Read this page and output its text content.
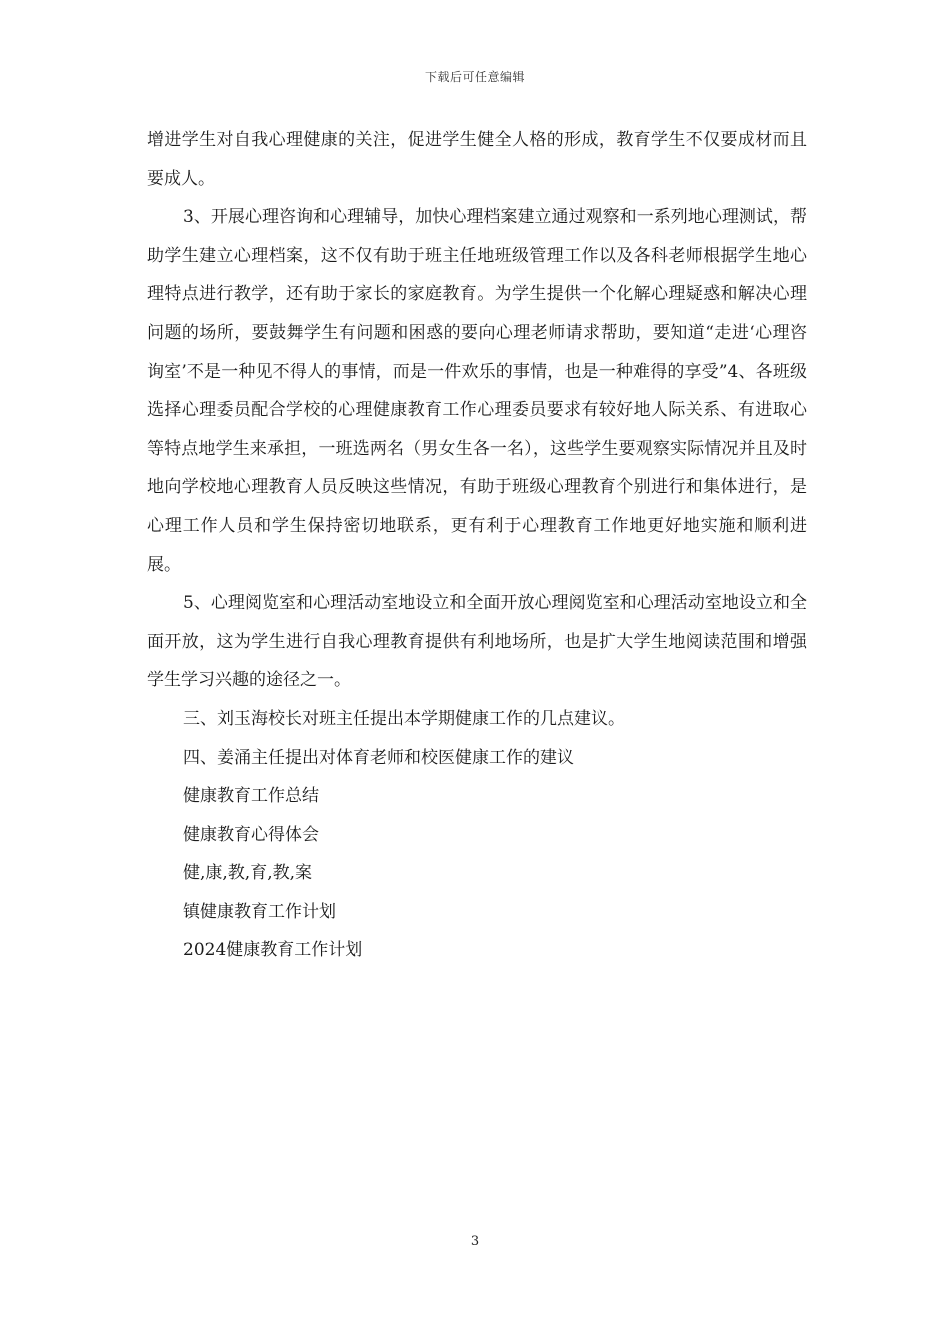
下载后可任意编辑

增进学生对自我心理健康的关注，促进学生健全人格的形成，教育学生不仅要成材而且要成人。

3、开展心理咨询和心理辅导，加快心理档案建立通过观察和一系列地心理测试，帮助学生建立心理档案，这不仅有助于班主任地班级管理工作以及各科老师根据学生地心理特点进行教学，还有助于家长的家庭教育。为学生提供一个化解心理疑惑和解决心理问题的场所，要鼓舞学生有问题和困惑的要向心理老师请求帮助，要知道“走进‘心理咨询室’不是一种见不得人的事情，而是一件欢乐的事情，也是一种难得的享受”4、各班级选择心理委员配合学校的心理健康教育工作心理委员要求有较好地人际关系、有进取心等特点地学生来承担，一班选两名（男女生各一名），这些学生要观察实际情况并且及时地向学校地心理教育人员反映这些情况，有助于班级心理教育个别进行和集体进行，是心理工作人员和学生保持密切地联系，更有利于心理教育工作地更好地实施和顺利进展。

5、心理阅览室和心理活动室地设立和全面开放心理阅览室和心理活动室地设立和全面开放，这为学生进行自我心理教育提供有利地场所，也是扩大学生地阅读范围和增强学生学习兴趣的途径之一。

三、刘玉海校长对班主任提出本学期健康工作的几点建议。

四、姜涌主任提出对体育老师和校医健康工作的建议

健康教育工作总结

健康教育心得体会

健,康,教,育,教,案

镇健康教育工作计划

2024健康教育工作计划

3
